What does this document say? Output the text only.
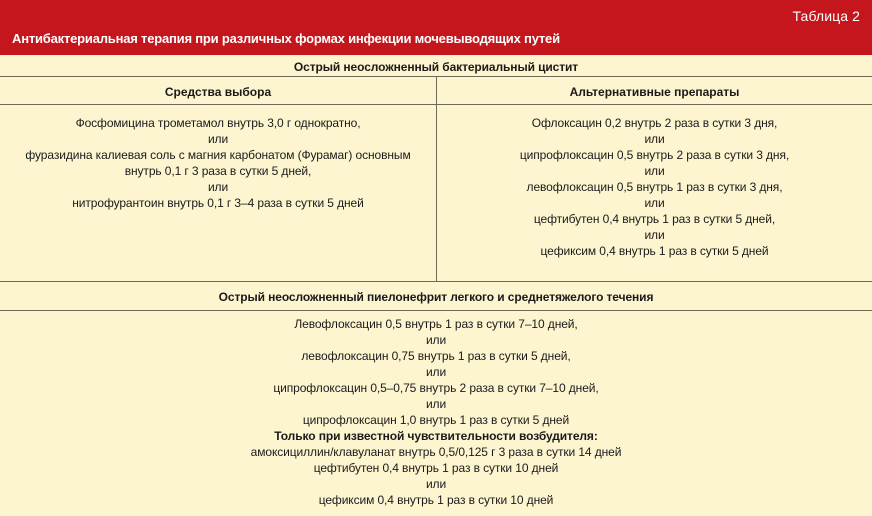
Таблица 2
Антибактериальная терапия при различных формах инфекции мочевыводящих путей
Острый неосложненный бактериальный цистит
Средства выбора	Альтернативные препараты
Фосфомицина трометамол внутрь 3,0 г однократно,
или
фуразидина калиевая соль с магния карбонатом (Фурамаг) основным
внутрь 0,1 г 3 раза в сутки 5 дней,
или
нитрофурантоин внутрь 0,1 г 3–4 раза в сутки 5 дней
Офлоксацин 0,2 внутрь 2 раза в сутки 3 дня,
или
ципрофлоксацин 0,5 внутрь 2 раза в сутки 3 дня,
или
левофлоксацин 0,5 внутрь 1 раз в сутки 3 дня,
или
цефтибутен 0,4 внутрь 1 раз в сутки 5 дней,
или
цефиксим 0,4 внутрь 1 раз в сутки 5 дней
Острый неосложненный пиелонефрит легкого и среднетяжелого течения
Левофлоксацин 0,5 внутрь 1 раз в сутки 7–10 дней,
или
левофлоксацин 0,75 внутрь 1 раз в сутки 5 дней,
или
ципрофлоксацин 0,5–0,75 внутрь 2 раза в сутки 7–10 дней,
или
ципрофлоксацин 1,0 внутрь 1 раз в сутки 5 дней
Только при известной чувствительности возбудителя:
амоксициллин/клавуланат внутрь 0,5/0,125 г 3 раза в сутки 14 дней
цефтибутен 0,4 внутрь 1 раз в сутки 10 дней
или
цефиксим 0,4 внутрь 1 раз в сутки 10 дней
